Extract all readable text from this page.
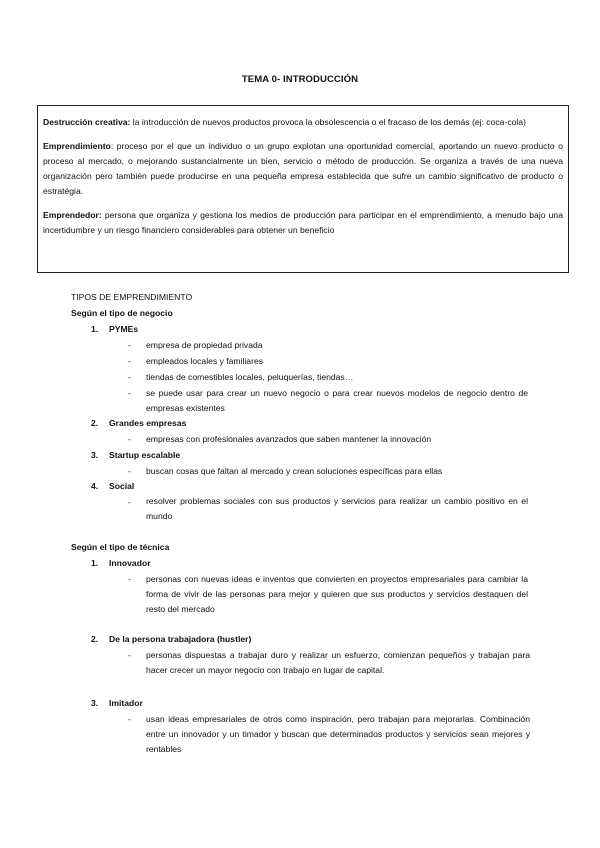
TEMA 0- INTRODUCCIÓN

Destrucción creativa: la introducción de nuevos productos provoca la obsolescencia o el fracaso de los demás (ej: coca-cola)

Emprendimiento: proceso por el que un individuo o un grupo explotan una oportunidad comercial, aportando un nuevo producto o proceso al mercado, o mejorando sustancialmente un bien, servicio o método de producción. Se organiza a través de una nueva organización pero también puede producirse en una pequeña empresa establecida que sufre un cambio significativo de producto o estratégia.

Emprendedor: persona que organiza y gestiona los medios de producción para participar en el emprendimiento, a menudo bajo una incertidumbre y un riesgo financiero considerables para obtener un beneficio

TIPOS DE EMPRENDIMIENTO
Según el tipo de negocio
1. PYMEs
- empresa de propiedad privada
- empleados locales y familiares
- tiendas de comestibles locales, peluquerías, tiendas…
- se puede usar para crear un nuevo negocio o para crear nuevos modelos de negocio dentro de empresas existentes
2. Grandes empresas
- empresas con profesionales avanzados que saben mantener la innovación
3. Startup escalable
- buscan cosas que faltan al mercado y crean soluciones específicas para ellas
4. Social
- resolver problemas sociales con sus productos y servicios para realizar un cambio positivo en el mundo
Según el tipo de técnica
1. Innovador
- personas con nuevas ideas e inventos que convierten en proyectos empresariales para cambiar la forma de vivir de las personas para mejor y quieren que sus productos y servicios destaquen del resto del mercado
2. De la persona trabajadora (hustler)
- personas dispuestas a trabajar duro y realizar un esfuerzo, comienzan pequeños y trabajan para hacer crecer un mayor negocio con trabajo en lugar de capital.
3. Imitador
- usan ideas empresariales de otros como inspiración, pero trabajan para mejorarlas. Combinación entre un innovador y un timador y buscan que determinados productos y servicios sean mejores y rentables
